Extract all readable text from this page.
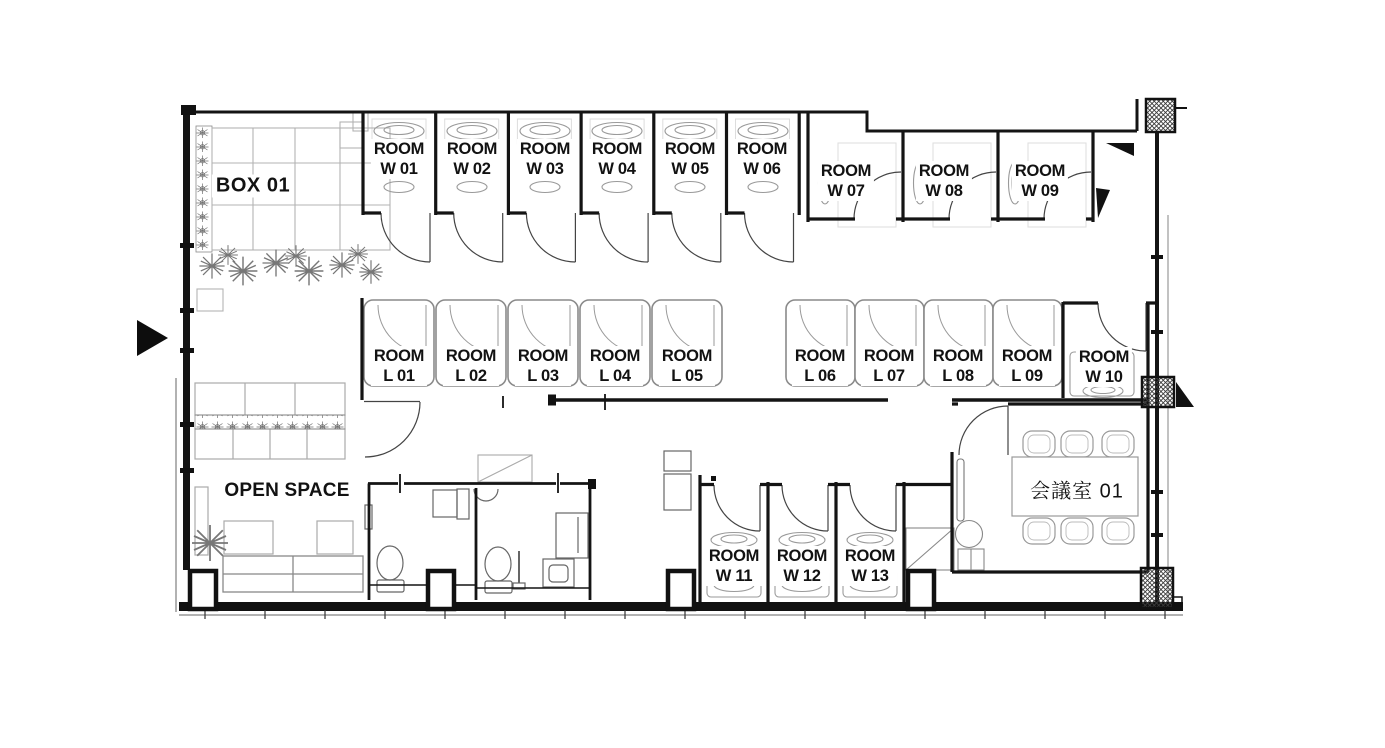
ROOM
W 01
ROOM
W 02
ROOM
W 03
ROOM
W 04
ROOM
W 05
ROOM
W 06	ROOM
W 07
ROOM
W 08
ROOM
W 09
ROOM
W 10
ROOM
W 11
ROOM
W 12
ROOM
W 13
ROOM
L 01
ROOM
L 02
ROOM
L 03
ROOM
L 04
ROOM
L 05
ROOM
L 06
ROOM
L 07
ROOM
L 08
ROOM
L 09
BOX 01
OPEN SPACE	会議室 01
